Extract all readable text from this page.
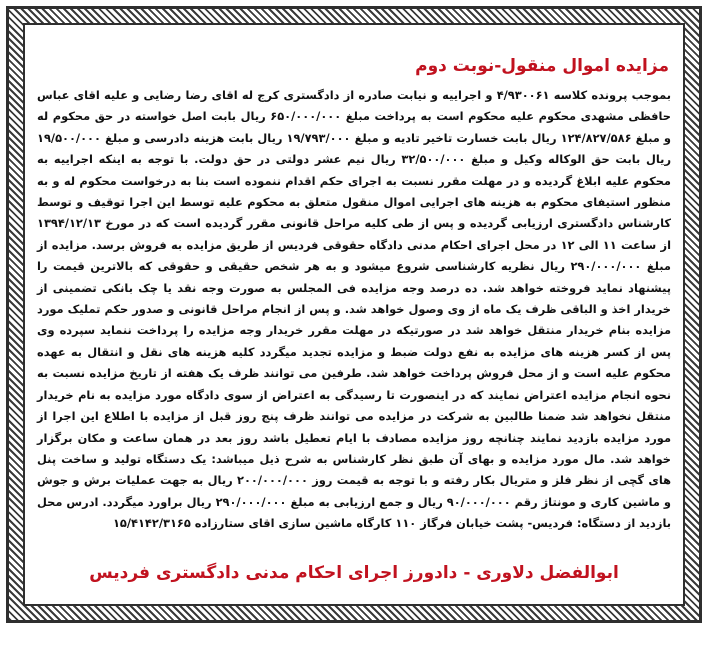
مزایده اموال منقول-نوبت دوم
بموجب پرونده کلاسه ۴/۹۳۰۰۶۱ و اجراییه و نیابت صادره از دادگستری کرج له اقای رضا رضایی و علیه اقای عباس حافظی مشهدی محکوم علیه محکوم است به پرداخت مبلغ ۶۵۰/۰۰۰/۰۰۰ ریال بابت اصل خواسته در حق محکوم له و مبلغ ۱۲۴/۸۲۷/۵۸۶ ریال بابت خسارت تاخیر تادیه و مبلغ ۱۹/۷۹۳/۰۰۰ ریال بابت هزینه دادرسی و مبلغ ۱۹/۵۰۰/۰۰۰ ریال بابت حق الوکاله وکیل و مبلغ ۳۲/۵۰۰/۰۰۰ ریال نیم عشر دولتی در حق دولت. با توجه به اینکه اجراییه به محکوم علیه ابلاغ گردیده و در مهلت مقرر نسبت به اجرای حکم اقدام ننموده است بنا به درخواست محکوم له و به منظور استیفای محکوم به هزینه های اجرایی اموال منقول متعلق به محکوم علیه توسط این اجرا توقیف و توسط کارشناس دادگستری ارزیابی گردیده و پس از طی کلیه مراحل قانونی مقرر گردیده است که در مورخ ۱۳۹۴/۱۲/۱۳ از ساعت ۱۱ الی ۱۲ در محل اجرای احکام مدنی دادگاه حقوقی فردیس از طریق مزایده به فروش برسد. مزایده از مبلغ ۲۹۰/۰۰۰/۰۰۰ ریال نظریه کارشناسی شروع میشود و به هر شخص حقیقی و حقوقی که بالاترین قیمت را پیشنهاد نماید فروخته خواهد شد. ده درصد وجه مزایده فی المجلس به صورت وجه نقد یا چک بانکی تضمینی از خریدار اخذ و الباقی ظرف یک ماه از وی وصول خواهد شد. و پس از انجام مراحل قانونی و صدور حکم تملیک مورد مزایده بنام خریدار منتقل خواهد شد در صورتیکه در مهلت مقرر خریدار وجه مزایده را پرداخت ننماید سپرده وی پس از کسر هزینه های مزایده به نفع دولت ضبط و مزایده تجدید میگردد کلیه هزینه های نقل و انتقال به عهده محکوم علیه است و از محل فروش پرداخت خواهد شد. طرفین می توانند ظرف یک هفته از تاریخ مزایده نسبت به نحوه انجام مزایده اعتراض نمایند که در اینصورت تا رسیدگی به اعتراض از سوی دادگاه مورد مزایده به نام خریدار منتقل نخواهد شد ضمنا طالبین به شرکت در مزایده می توانند ظرف پنج روز قبل از مزایده با اطلاع این اجرا از مورد مزایده بازدید نمایند چنانچه روز مزایده مصادف با ایام تعطیل باشد روز بعد در همان ساعت و مکان برگزار خواهد شد. مال مورد مزایده و بهای آن طبق نظر کارشناس به شرح ذیل میباشد: یک دستگاه تولید و ساخت پنل های گچی از نظر فلز و متریال بکار رفته و با توجه به قیمت روز ۲۰۰/۰۰۰/۰۰۰ ریال به جهت عملیات برش و جوش و ماشین کاری و مونتاژ رقم ۹۰/۰۰۰/۰۰۰ ریال و جمع ارزیابی به مبلغ ۲۹۰/۰۰۰/۰۰۰ ریال براورد میگردد. ادرس محل بازدید از دستگاه: فردیس- پشت خیابان فرگاز ۱۱۰ کارگاه ماشین سازی اقای ستارزاده ۱۵/۴۱۴۲/۳۱۶۵
ابوالفضل دلاوری - دادورز اجرای احکام مدنی دادگستری فردیس
